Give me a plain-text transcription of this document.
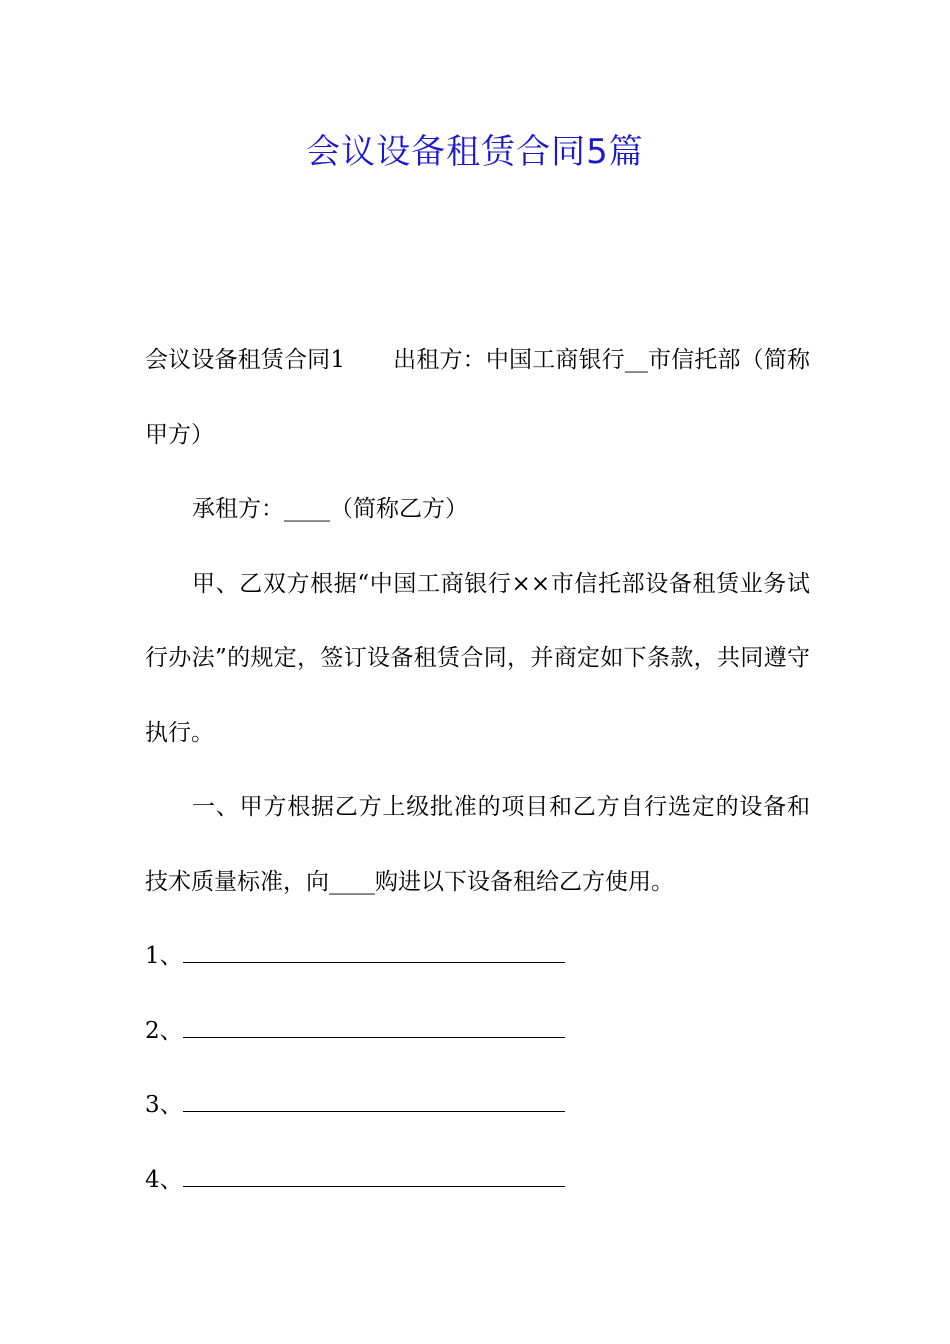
会议设备租赁合同5篇

会议设备租赁合同1 出租方：中国工商银行__市信托部（简称甲方）

承租方：____（简称乙方）

甲、乙双方根据“中国工商银行××市信托部设备租赁业务试行办法”的规定，签订设备租赁合同，并商定如下条款，共同遵守执行。

一、甲方根据乙方上级批准的项目和乙方自行选定的设备和技术质量标准，向____购进以下设备租给乙方使用。

1、

2、

3、

4、
